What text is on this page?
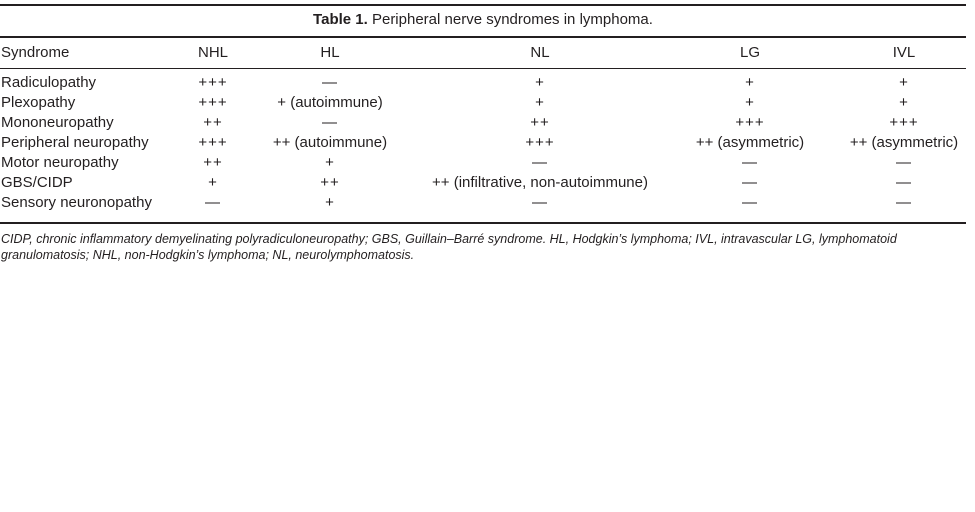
Table 1. Peripheral nerve syndromes in lymphoma.
Syndrome	NHL	HL	NL	LG	IVL
Radiculopathy	+++	—	+	+	+
Plexopathy	+++	+ (autoimmune)	+	+	+
Mononeuropathy	++	—	++	+++	+++
Peripheral neuropathy	+++	++ (autoimmune)	+++	++ (asymmetric)	++ (asymmetric)
Motor neuropathy	++	+	—	—	—
GBS/CIDP	+	++	++ (infiltrative, non-autoimmune)	—	—
Sensory neuronopathy	—	+	—	—	—
CIDP, chronic inflammatory demyelinating polyradiculoneuropathy; GBS, Guillain–Barré syndrome. HL, Hodgkin’s lymphoma; IVL, intravascular LG, lymphomatoid granulomatosis; NHL, non-Hodgkin’s lymphoma; NL, neurolymphomatosis.
